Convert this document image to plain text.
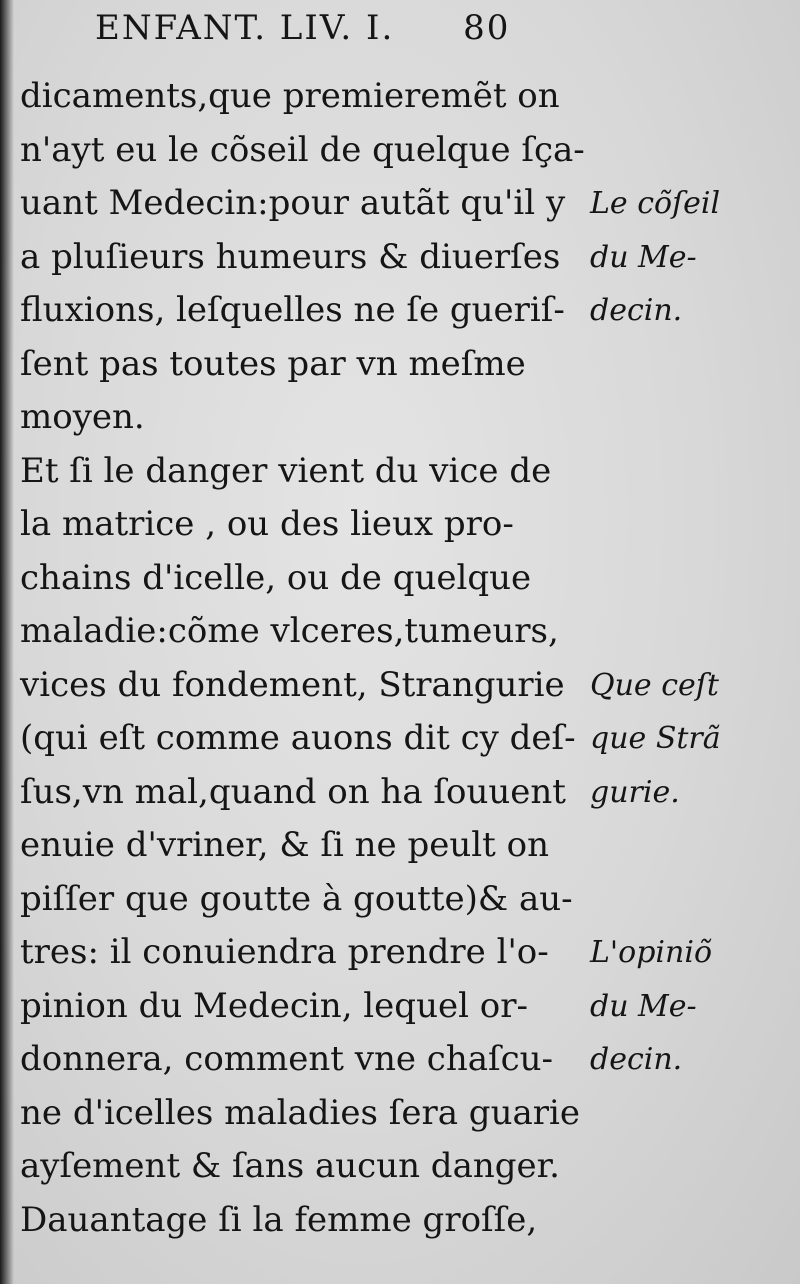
ENFANT. LIV. I. 80
dicaments,que premieremẽt on
n'ayt eu le cõseil de quelque ſça-
uant Medecin:pour autãt qu'il y
a pluſieurs humeurs & diuerſes
fluxions, leſquelles ne ſe gueriſ-
ſent pas toutes par vn meſme
moyen.
Et ſi le danger vient du vice de
la matrice , ou des lieux pro-
chains d'icelle, ou de quelque
maladie:cõme vlceres,tumeurs,
vices du fondement, Strangurie
(qui eſt comme auons dit cy deſ-
ſus,vn mal,quand on ha ſouuent
enuie d'vriner, & ſi ne peult on
piſſer que goutte à goutte)& au-
tres: il conuiendra prendre l'o-
pinion du Medecin, lequel or-
donnera, comment vne chaſcu-
ne d'icelles maladies ſera guarie
ayſement & ſans aucun danger.
Dauantage ſi la femme groſſe,
Le cõſeil
du Me-
decin.
Que ceſt
que Strã
gurie.
L'opiniõ
du Me-
decin.
